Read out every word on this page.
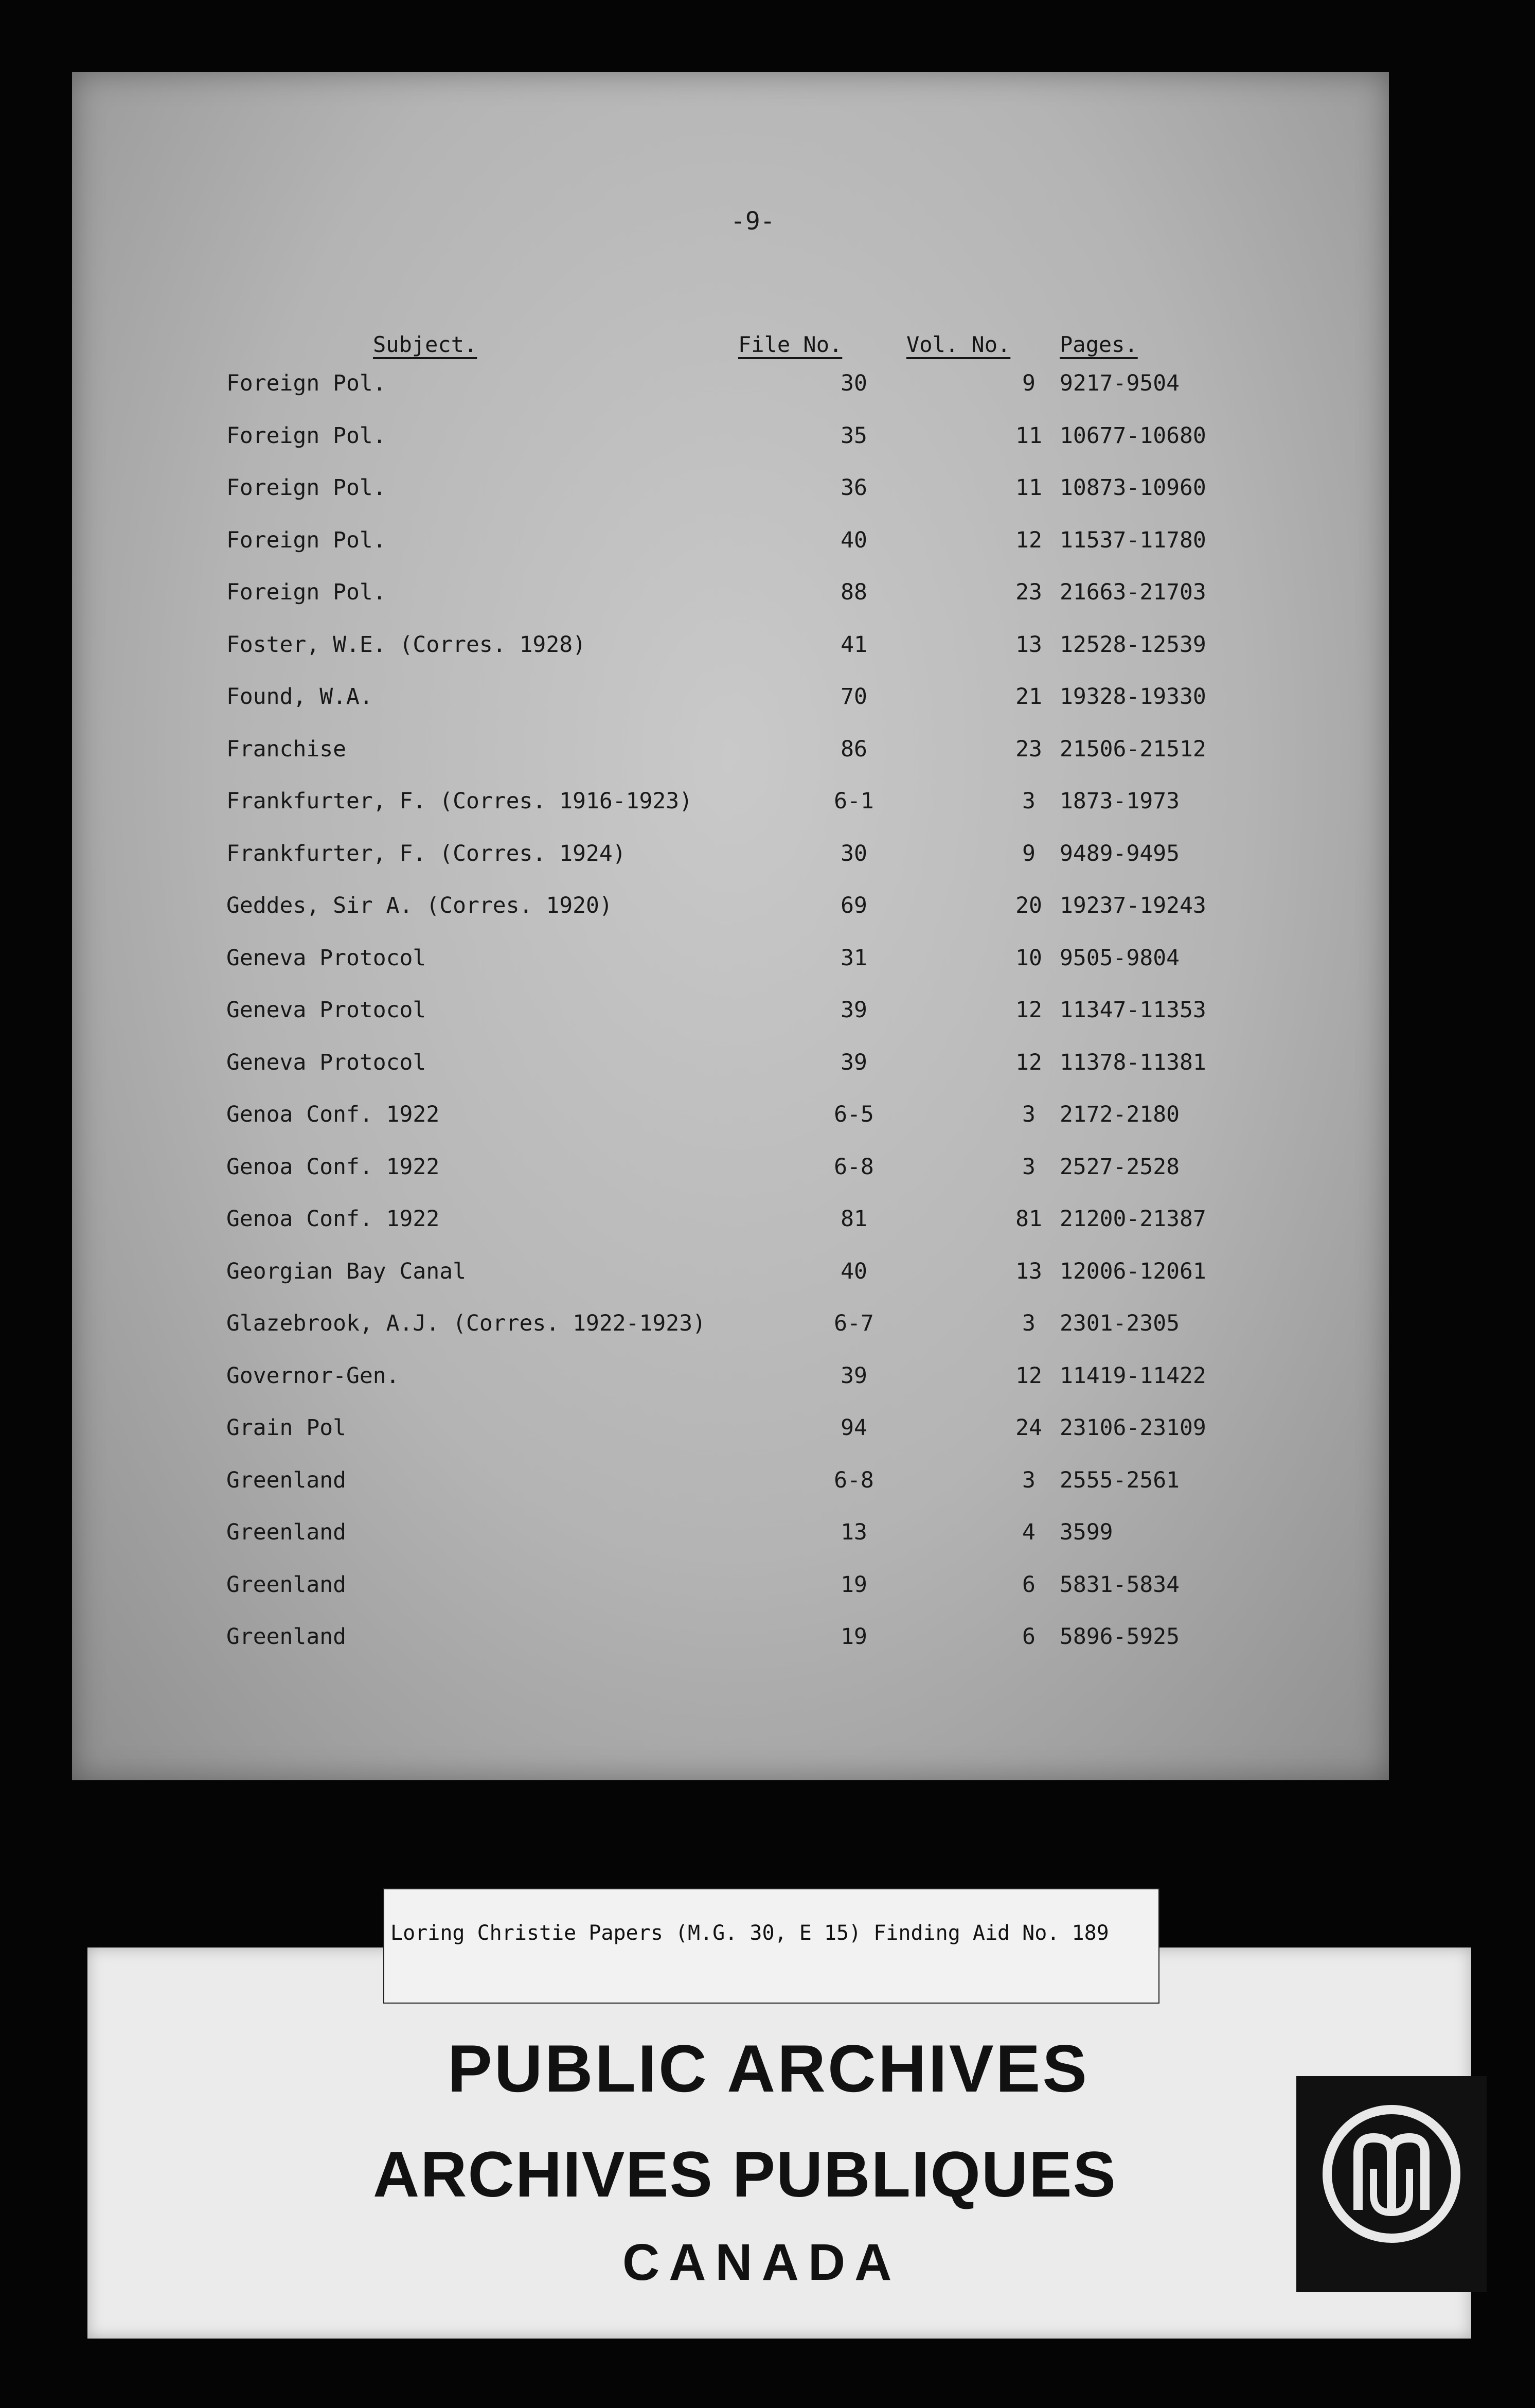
-9-
Subject.	File No.	Vol. No. Pages.
Foreign Pol.	30	9	9217-9504
Foreign Pol.	35	11 10677-10680
Foreign Pol.	36	11 10873-10960
Foreign Pol.	40	12 11537-11780
Foreign Pol.	88	23 21663-21703
Foster, W.E. (Corres. 1928)	41	13 12528-12539
Found, W.A.	70	21 19328-19330
Franchise	86	23 21506-21512
Frankfurter, F. (Corres. 1916-1923)	6-1	3	1873-1973
Frankfurter, F. (Corres. 1924)	30	9	9489-9495
Geddes, Sir A. (Corres. 1920)	69	20 19237-19243
Geneva Protocol	31	10 9505-9804
Geneva Protocol	39	12 11347-11353
Geneva Protocol	39	12 11378-11381
Genoa Conf. 1922	6-5	3	2172-2180
Genoa Conf. 1922	6-8	3	2527-2528
Genoa Conf. 1922	81	81 21200-21387
Georgian Bay Canal	40	13 12006-12061
Glazebrook, A.J. (Corres. 1922-1923)	6-7	3	2301-2305
Governor-Gen.	39	12 11419-11422
Grain Pol	94	24 23106-23109
Greenland	6-8	3	2555-2561
Greenland	13	4	3599
Greenland	19	6	5831-5834
Greenland	19	6	5896-5925
PUBLIC ARCHIVES
ARCHIVES PUBLIQUES
CANADA
Loring Christie Papers (M.G. 30, E 15) Finding Aid No. 189
